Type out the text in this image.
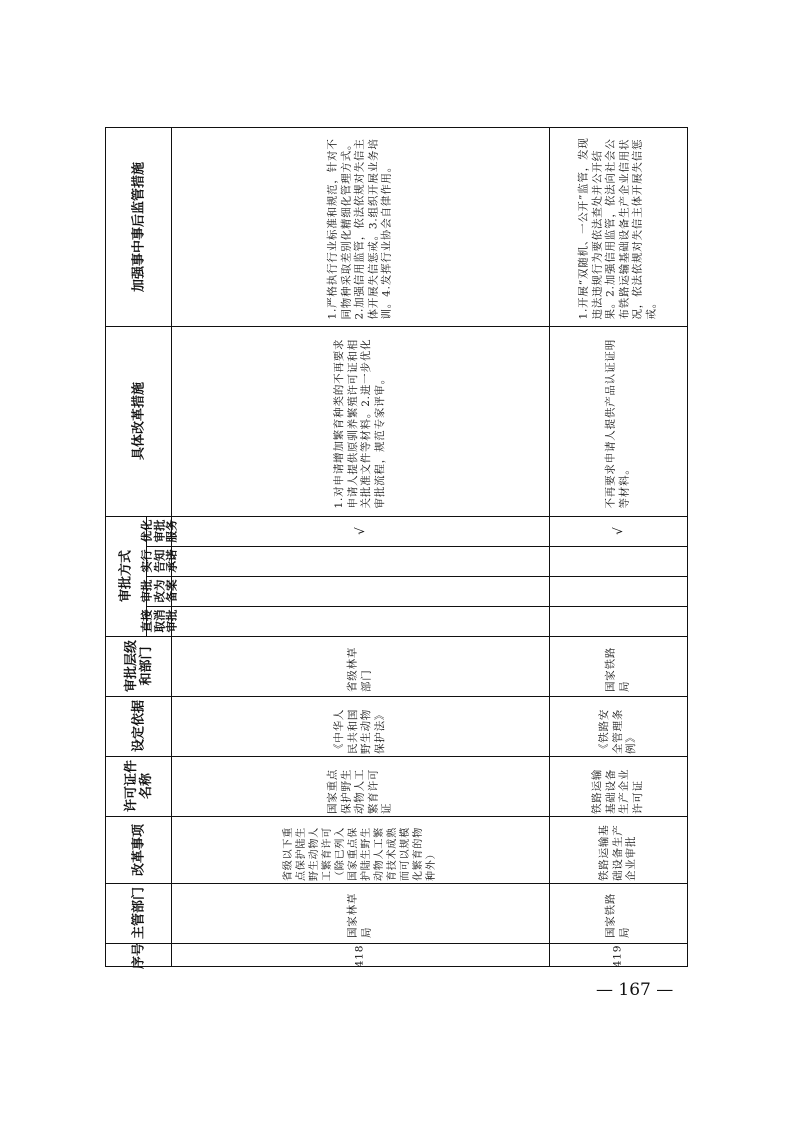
加强事中事后监管措施
具体改革措施
审批方式
优化审批服务
实行告知承诺
审批改为备案
直接取消审批
审批层级和部门
设定依据
许可证件名称
改革事项
主管部门
序号
1.严格执行行业标准和规范，针对不同物种采取差别化精细化管理方式。2.加强信用监管，依法依规对失信主体开展失信惩戒。3.组织开展业务培训。4.发挥行业协会自律作用。
1.对申请增加繁育种类的不再要求申请人提供原驯养繁殖许可证和相关批准文件等材料。2.进一步优化审批流程，规范专家评审。
√
省级林草部门
《中华人民共和国野生动物保护法》
国家重点保护野生动物人工繁育许可证
省级以下重点保护陆生野生动物人工繁育许可（除已列入国家重点保护陆生野生动物人工繁育技术成熟而可以规模化繁育的物种外）
国家林草局
418
1.开展“双随机、一公开”监管，发现违法违规行为要依法查处并公开结果。2.加强信用监管，依法向社会公布铁路运输基础设备生产企业信用状况，依法依规对失信主体开展失信惩戒。
不再要求申请人提供产品认证证明等材料。
√
国家铁路局
《铁路安全管理条例》
铁路运输基础设备生产企业许可证
铁路运输基础设备生产企业审批
国家铁路局
419
— 167 —
